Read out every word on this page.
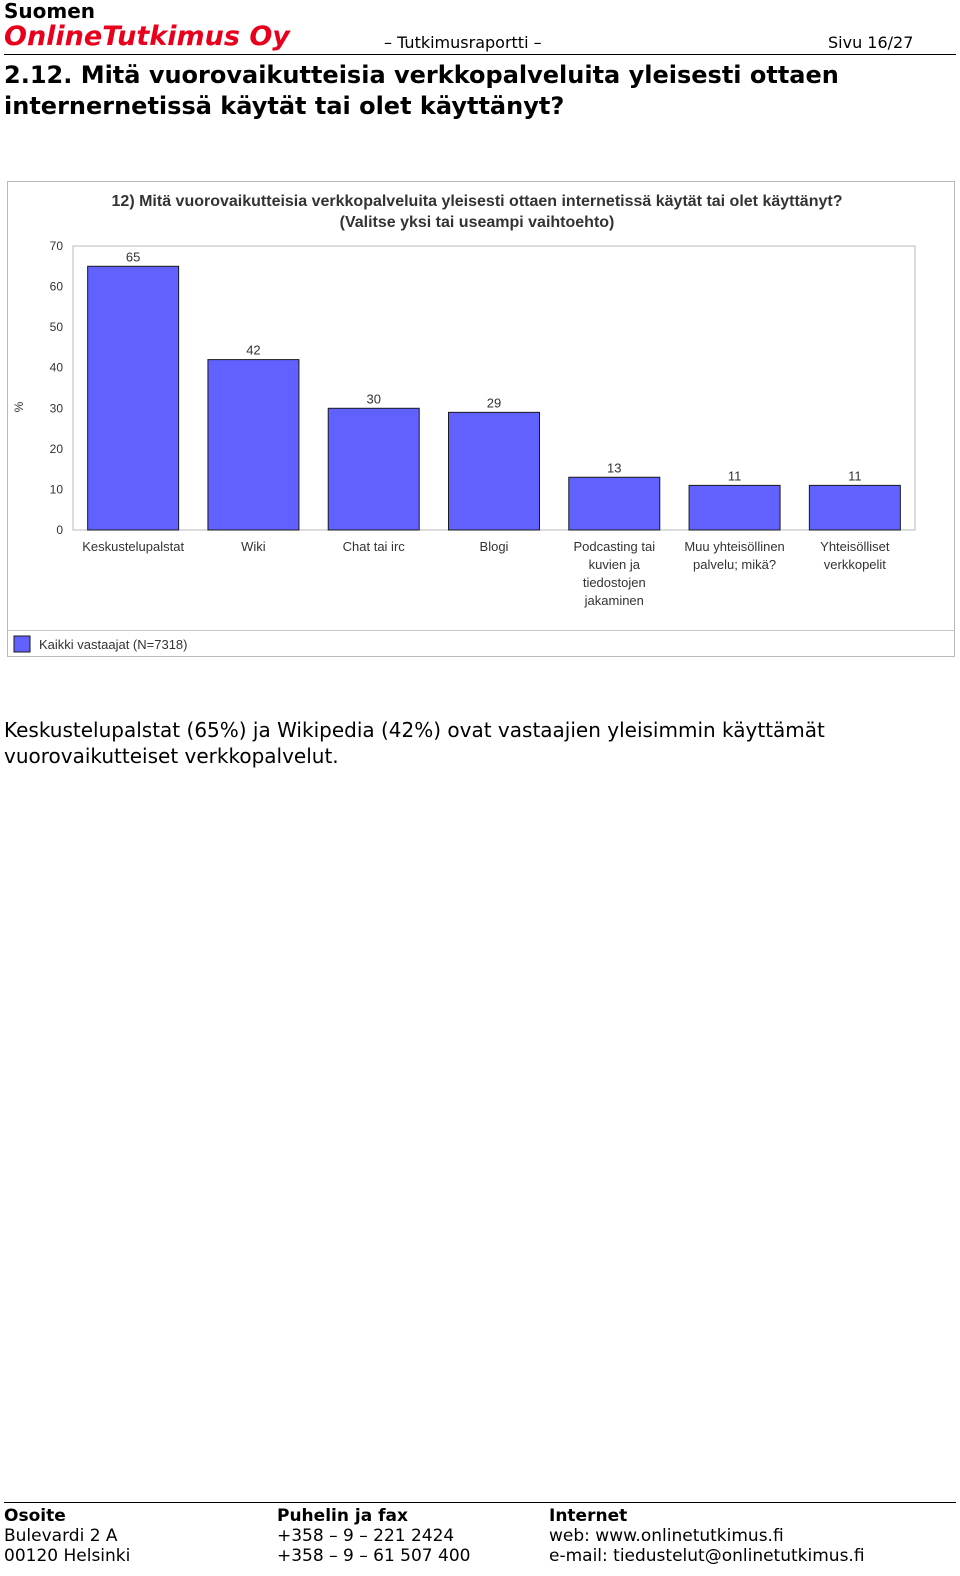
Suomen
OnlineTutkimus Oy	– Tutkimusraportti –	Sivu 16/27
2.12. Mitä vuorovaikutteisia verkkopalveluita yleisesti ottaen internernetissä käytät tai olet käyttänyt?
12) Mitä vuorovaikutteisia verkkopalveluita yleisesti ottaen internetissä käytät tai olet käyttänyt?
(Valitse yksi tai useampi vaihtoehto)
0
10
20
30
40
50
60
70
%
65
Keskustelupalstat
42
Wiki
30
Chat tai irc
29
Blogi
13
Podcasting tai
kuvien ja
tiedostojen
jakaminen
11
Muu yhteisöllinen
palvelu; mikä?
11
Yhteisölliset
verkkopelit
Kaikki vastaajat (N=7318)
Keskustelupalstat (65%) ja Wikipedia (42%) ovat vastaajien yleisimmin käyttämät vuorovaikutteiset verkkopalvelut.
Osoite
Bulevardi 2 A
00120 Helsinki
Puhelin ja fax
+358 – 9 – 221 2424
+358 – 9 – 61 507 400
Internet
web: www.onlinetutkimus.fi
e-mail: tiedustelut@onlinetutkimus.fi
